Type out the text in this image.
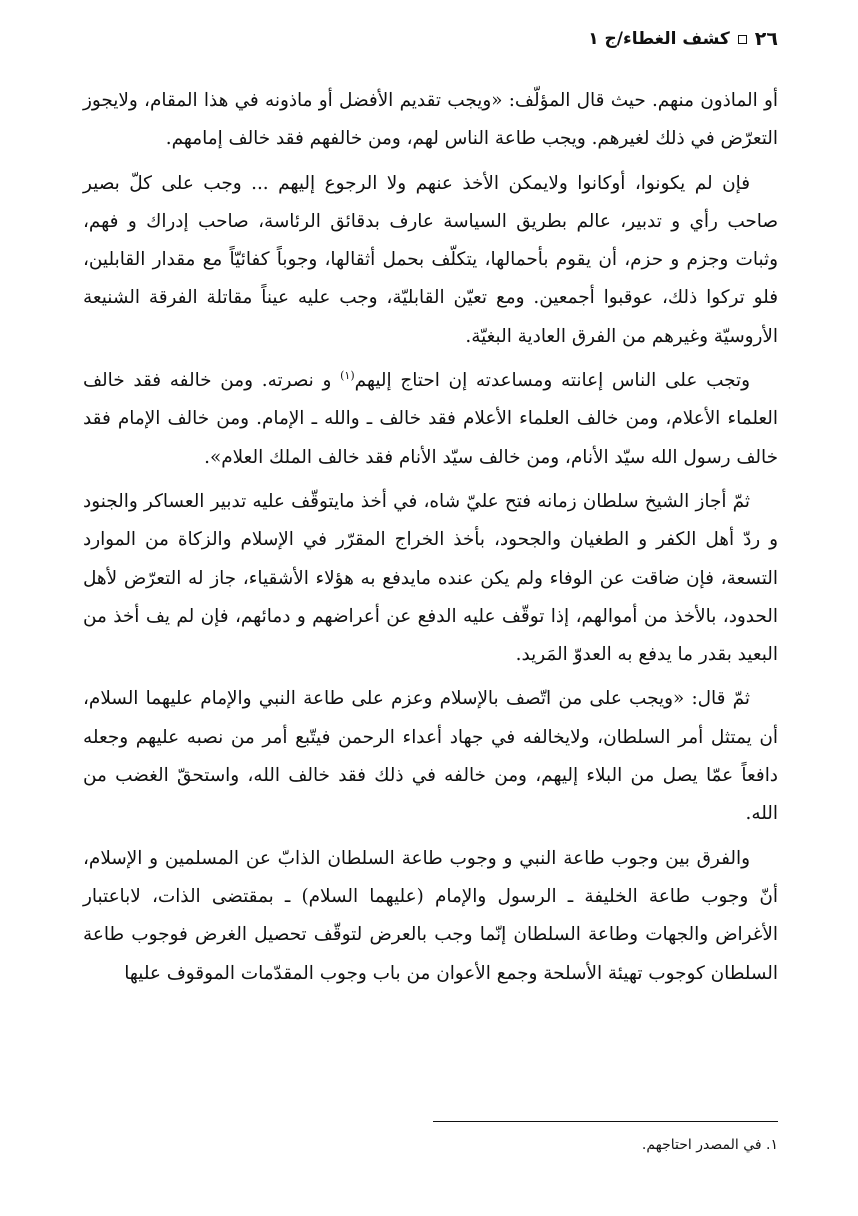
٢٦
كشف الغطاء/ج ١

أو الماذون منهم. حيث قال المؤلّف: «ويجب تقديم الأفضل أو ماذونه في هذا المقام، ولايجوز التعرّض في ذلك لغيرهم. ويجب طاعة الناس لهم، ومن خالفهم فقد خالف إمامهم.

فإن لم يكونوا، أوكانوا ولايمكن الأخذ عنهم ولا الرجوع إليهم ... وجب على كلّ بصير صاحب رأي و تدبير، عالم بطريق السياسة عارف بدقائق الرئاسة، صاحب إدراك و فهم، وثبات وجزم و حزم، أن يقوم بأحمالها، يتكلّف بحمل أثقالها، وجوباً كفائيّاً مع مقدار القابلين، فلو تركوا ذلك، عوقبوا أجمعين. ومع تعيّن القابليّة، وجب عليه عيناً مقاتلة الفرقة الشنيعة الأروسيّة وغيرهم من الفرق العادية البغيّة.

وتجب على الناس إعانته ومساعدته إن احتاج إليهم$^{(١)}$ و نصرته. ومن خالفه فقد خالف العلماء الأعلام، ومن خالف العلماء الأعلام فقد خالف ـ والله ـ الإمام. ومن خالف الإمام فقد خالف رسول الله سيّد الأنام، ومن خالف سيّد الأنام فقد خالف الملك العلام».

ثمّ أجاز الشيخ سلطان زمانه فتح عليّ شاه، في أخذ مايتوقّف عليه تدبير العساكر والجنود و ردّ أهل الكفر و الطغيان والجحود، بأخذ الخراج المقرّر في الإسلام والزكاة من الموارد التسعة، فإن ضاقت عن الوفاء ولم يكن عنده مايدفع به هؤلاء الأشقياء، جاز له التعرّض لأهل الحدود، بالأخذ من أموالهم، إذا توقّف عليه الدفع عن أعراضهم و دمائهم، فإن لم يف أخذ من البعيد بقدر ما يدفع به العدوّ المَريد.

ثمّ قال: «ويجب على من اتّصف بالإسلام وعزم على طاعة النبي والإمام عليهما السلام، أن يمتثل أمر السلطان، ولايخالفه في جهاد أعداء الرحمن فيتّبع أمر من نصبه عليهم وجعله دافعاً عمّا يصل من البلاء إليهم، ومن خالفه في ذلك فقد خالف الله، واستحقّ الغضب من الله.

والفرق بين وجوب طاعة النبي و وجوب طاعة السلطان الذابّ عن المسلمين و الإسلام، أنّ وجوب طاعة الخليفة ـ الرسول والإمام (عليهما السلام) ـ بمقتضى الذات، لاباعتبار الأغراض والجهات وطاعة السلطان إنّما وجب بالعرض لتوقّف تحصيل الغرض فوجوب طاعة السلطان كوجوب تهيئة الأسلحة وجمع الأعوان من باب وجوب المقدّمات الموقوف عليها

١. في المصدر احتاجهم.
